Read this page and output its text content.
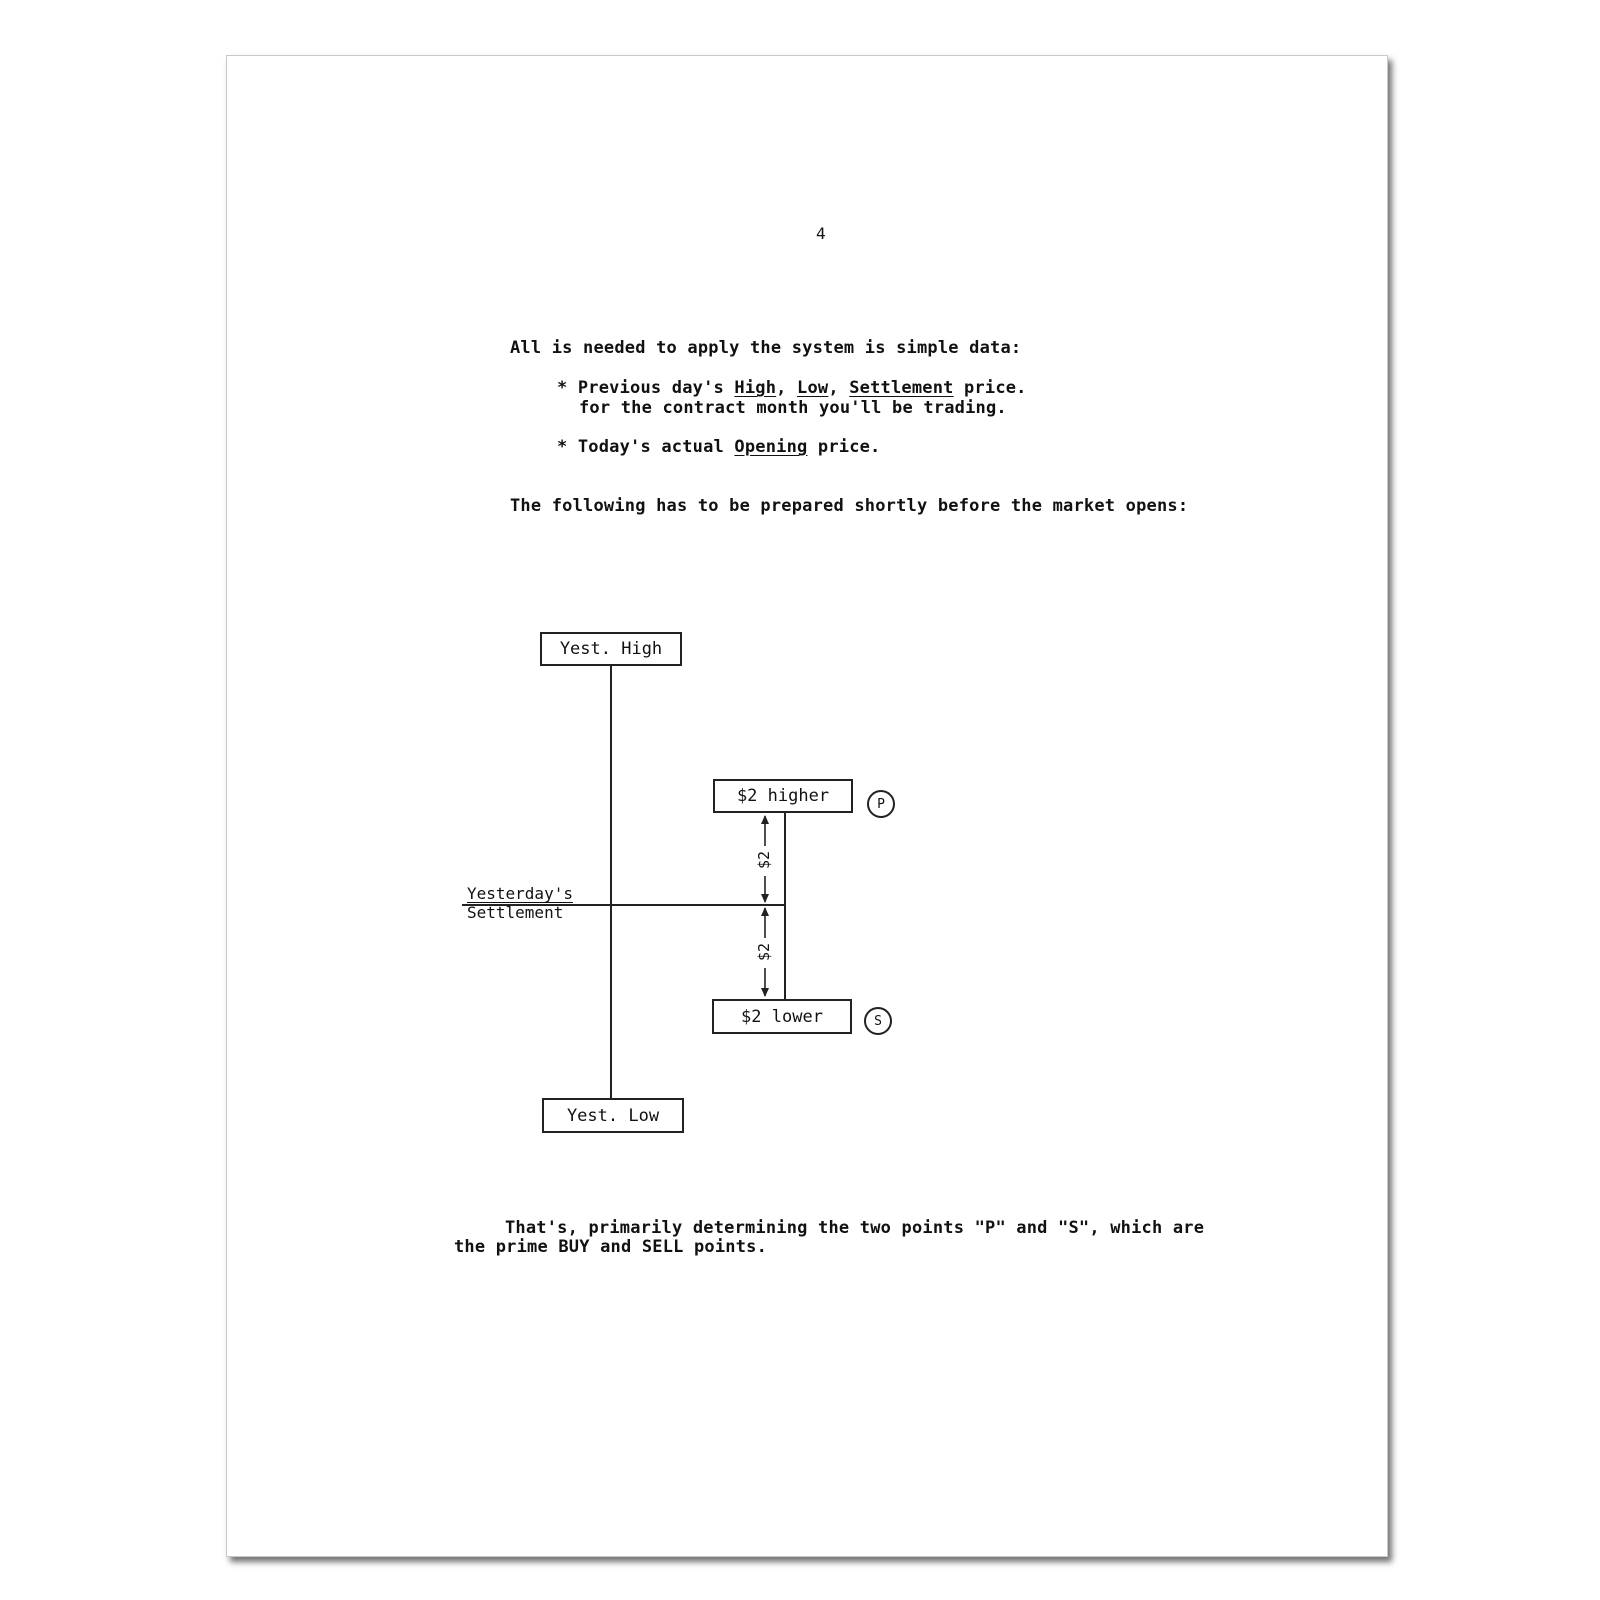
4
All is needed to apply the system is simple data:
* Previous day's High, Low, Settlement price.
for the contract month you'll be trading.
* Today's actual Opening price.
The following has to be prepared shortly before the market opens:
Yest. High
Yest. Low
$2 higher
$2 lower
P
S
Yesterday's
Settlement
$2
$2
That's, primarily determining the two points "P" and "S", which are
the prime BUY and SELL points.
